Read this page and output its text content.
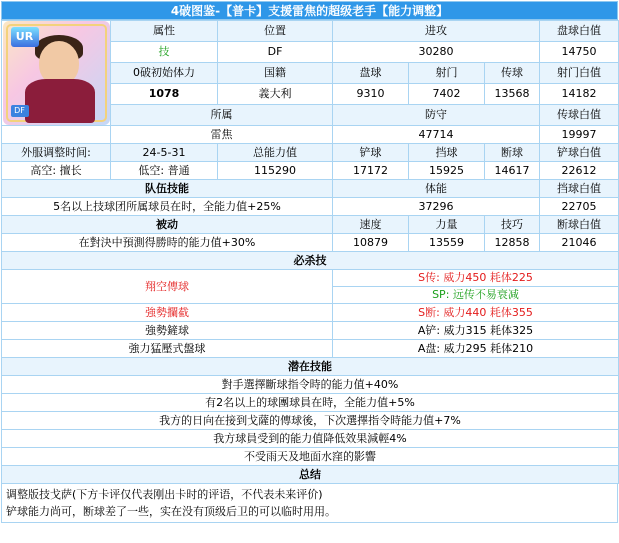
4破图鉴-【普卡】支援雷焦的超级老手【能力调整】
UR
DF	属性	位置	进攻			盘球白值
	技	DF	30280			14750
	0破初始体力	国籍	盘球	射门	传球	射门白值
	1078	義大利	9310	7402	13568	14182
	所属		防守			传球白值
	雷焦		47714			19997
外服调整时间:	24-5-31	总能力值	铲球	挡球	断球	铲球白值
高空: 擅长	低空: 普通	115290	17172	15925	14617	22612
队伍技能			体能			挡球白值
5名以上技球团所属球员在时，全能力值+25%			37296			22705
被动			速度	力量	技巧	断球白值
在對決中預測得勝時的能力值+30%			10879	13559	12858	21046
必杀技						
翔空傳球			S传: 威力450 耗体225			
			SP: 远传不易衰减			
強勢攔截			S断: 威力440 耗体355			
強勢鏟球			A铲: 威力315 耗体325			
強力猛壓式盤球			A盘: 威力295 耗体210			
潜在技能						
對手選擇斷球指令時的能力值+40%						
有2名以上的球團球員在時，全能力值+5%						
我方的日向在接到戈薩的傳球後，下次選擇指令時能力值+7%						
我方球員受到的能力值降低效果減輕4%						
不受雨天及地面水窪的影響						
总结						
调整版技戈萨(下方卡评仅代表刚出卡时的评语，不代表未来评价)
铲球能力尚可，断球差了一些，实在没有顶级后卫的可以临时用用。
